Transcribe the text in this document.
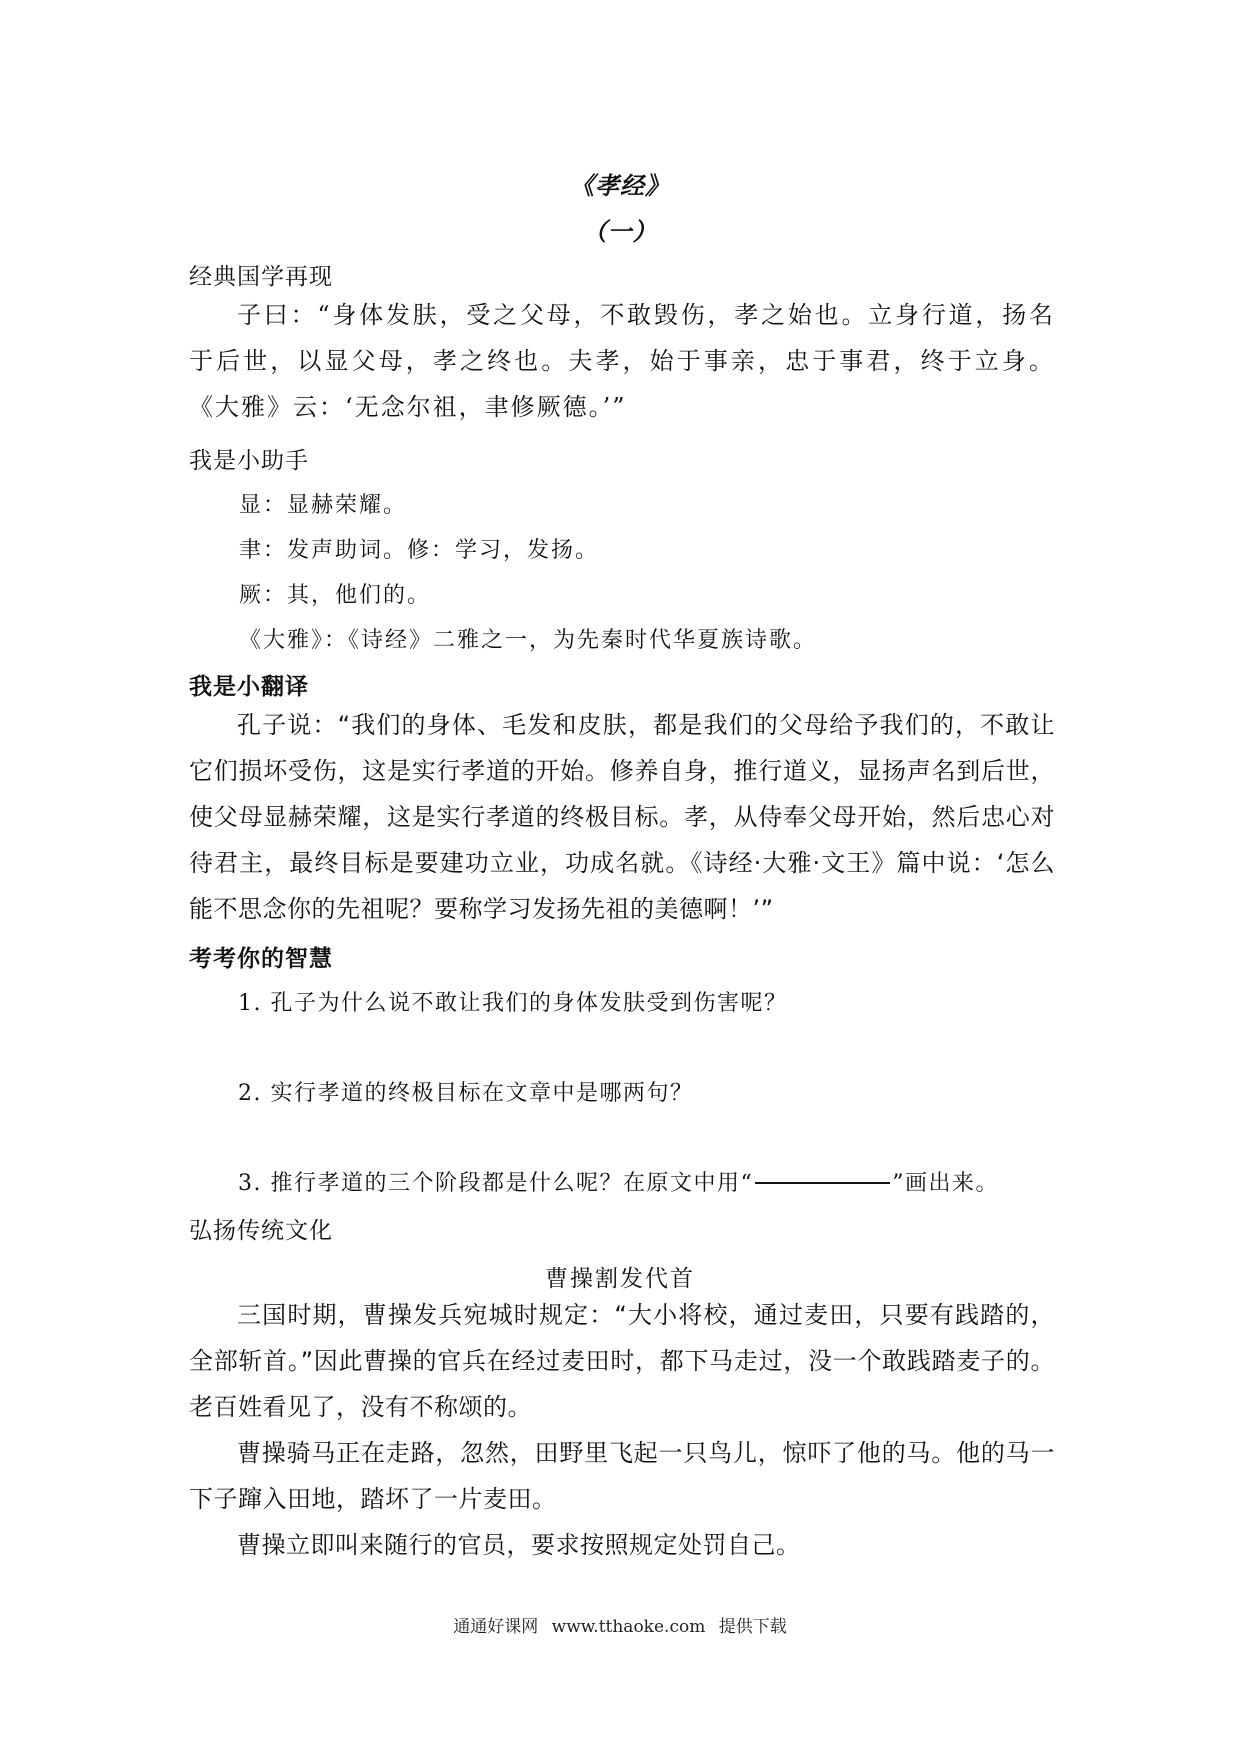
《孝经》
（一）
经典国学再现

子曰：“身体发肤，受之父母，不敢毁伤，孝之始也。立身行道，扬名于后世，以显父母，孝之终也。夫孝，始于事亲，忠于事君，终于立身。《大雅》云：‘无念尔祖，聿修厥德。’”

我是小助手
显：显赫荣耀。
聿：发声助词。修：学习，发扬。
厥：其，他们的。
《大雅》：《诗经》二雅之一，为先秦时代华夏族诗歌。
我是小翻译

孔子说：“我们的身体、毛发和皮肤，都是我们的父母给予我们的，不敢让它们损坏受伤，这是实行孝道的开始。修养自身，推行道义，显扬声名到后世，使父母显赫荣耀，这是实行孝道的终极目标。孝，从侍奉父母开始，然后忠心对待君主，最终目标是要建功立业，功成名就。《诗经·大雅·文王》篇中说：‘怎么能不思念你的先祖呢？要称学习发扬先祖的美德啊！’”

考考你的智慧
1. 孔子为什么说不敢让我们的身体发肤受到伤害呢？
2. 实行孝道的终极目标在文章中是哪两句？
3. 推行孝道的三个阶段都是什么呢？在原文中用“	”画出来。
弘扬传统文化
曹操割发代首

三国时期，曹操发兵宛城时规定：“大小将校，通过麦田，只要有践踏的，全部斩首。”因此曹操的官兵在经过麦田时，都下马走过，没一个敢践踏麦子的。老百姓看见了，没有不称颂的。

曹操骑马正在走路，忽然，田野里飞起一只鸟儿，惊吓了他的马。他的马一下子蹿入田地，踏坏了一片麦田。

曹操立即叫来随行的官员，要求按照规定处罚自己。

通通好课网 www.tthaoke.com 提供下载
